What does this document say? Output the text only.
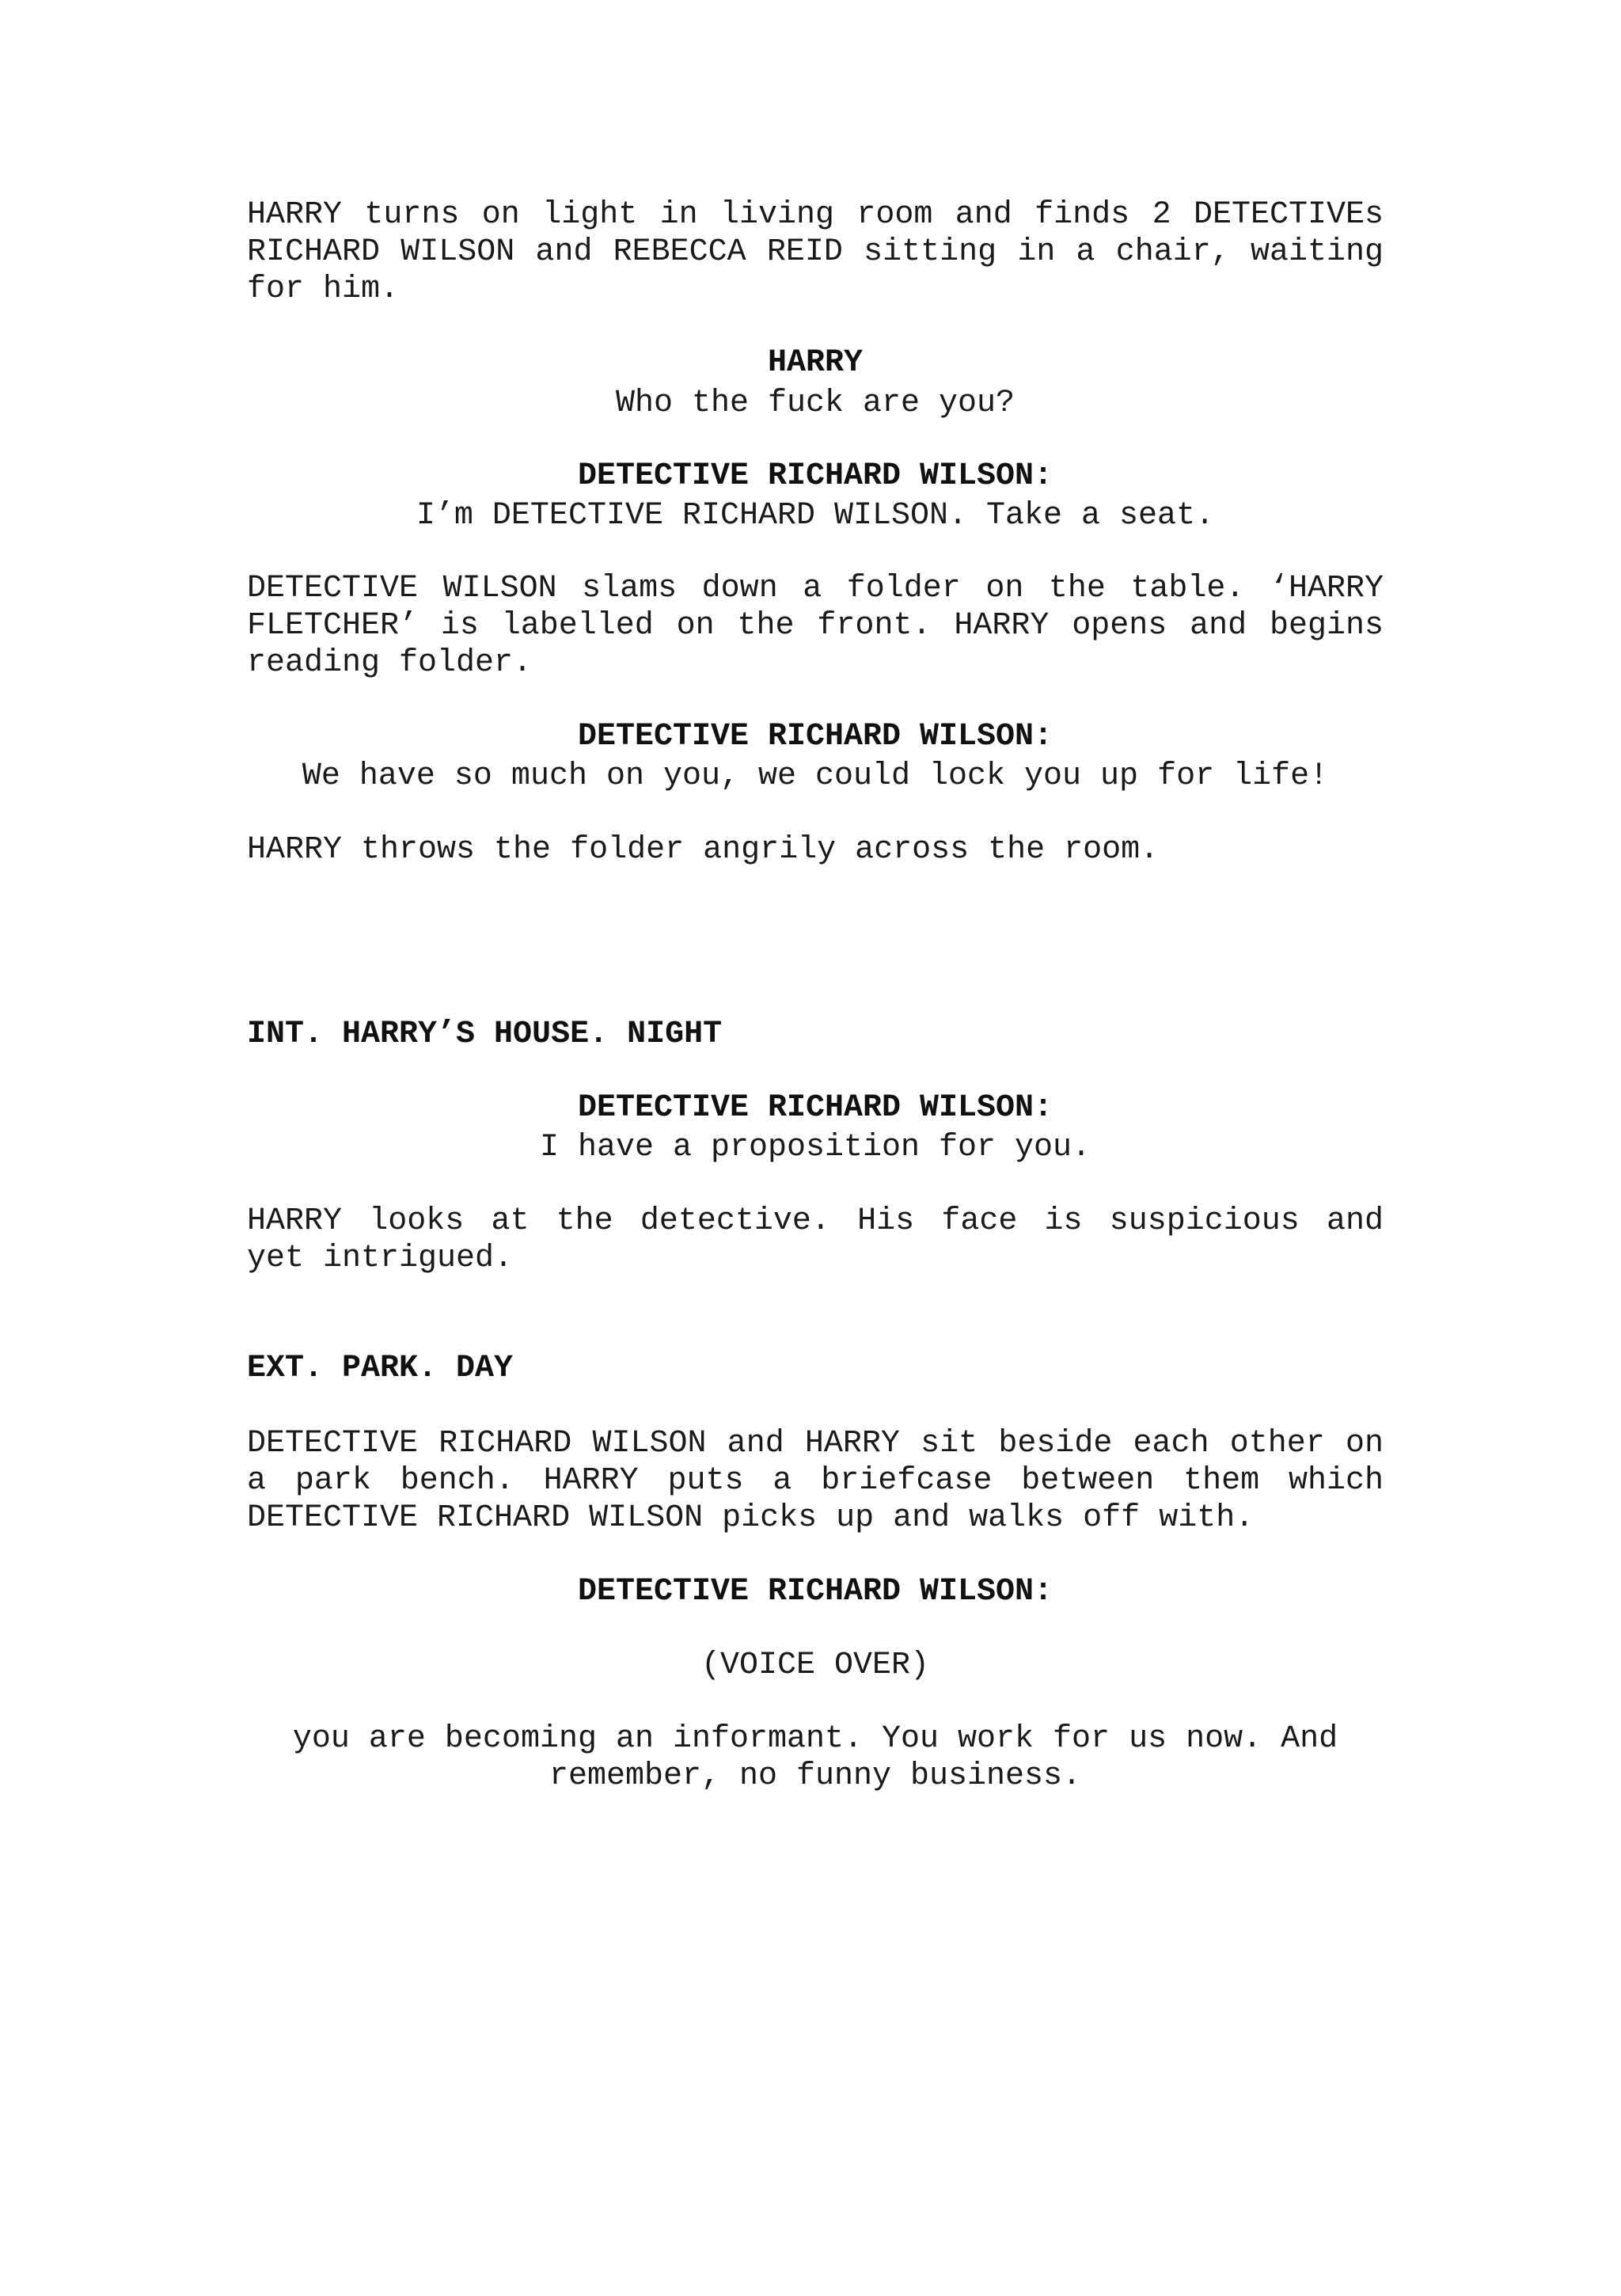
HARRY turns on light in living room and finds 2 DETECTIVEs RICHARD WILSON and REBECCA REID sitting in a chair, waiting for him.
HARRY
Who the fuck are you?
DETECTIVE RICHARD WILSON:
I’m DETECTIVE RICHARD WILSON. Take a seat.
DETECTIVE WILSON slams down a folder on the table. ‘HARRY FLETCHER’ is labelled on the front. HARRY opens and begins reading folder.
DETECTIVE RICHARD WILSON:
We have so much on you, we could lock you up for life!
HARRY throws the folder angrily across the room.
INT. HARRY’S HOUSE. NIGHT
DETECTIVE RICHARD WILSON:
I have a proposition for you.
HARRY looks at the detective. His face is suspicious and yet intrigued.
EXT. PARK. DAY
DETECTIVE RICHARD WILSON and HARRY sit beside each other on a park bench. HARRY puts a briefcase between them which DETECTIVE RICHARD WILSON picks up and walks off with.
DETECTIVE RICHARD WILSON:
(VOICE OVER)
you are becoming an informant. You work for us now. And
remember, no funny business.
